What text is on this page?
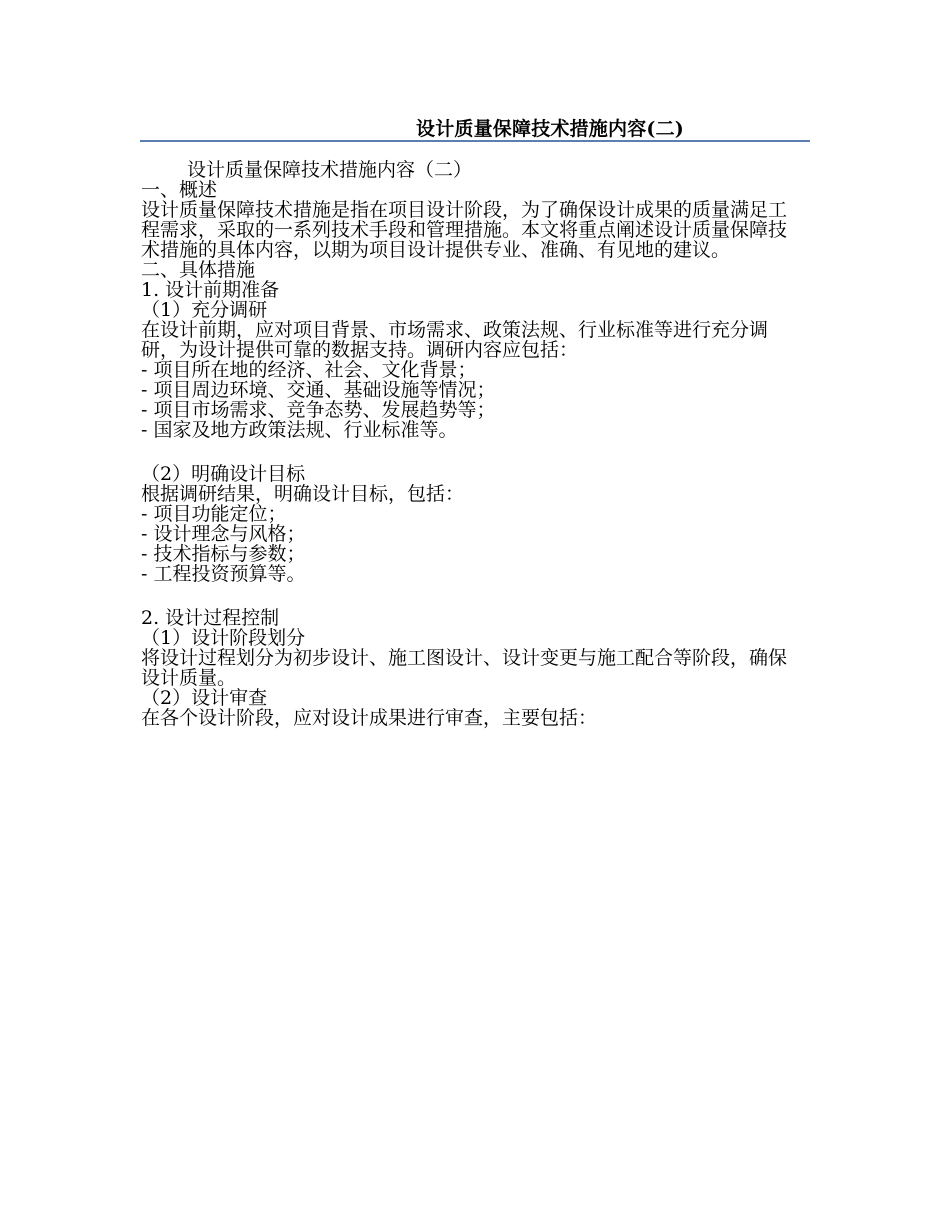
设计质量保障技术措施内容(二)

设计质量保障技术措施内容（二）

一、概述

设计质量保障技术措施是指在项目设计阶段，为了确保设计成果的质量满足工程需求，采取的一系列技术手段和管理措施。本文将重点阐述设计质量保障技术措施的具体内容，以期为项目设计提供专业、准确、有见地的建议。

二、具体措施

1. 设计前期准备

（1）充分调研

在设计前期，应对项目背景、市场需求、政策法规、行业标准等进行充分调研，为设计提供可靠的数据支持。调研内容应包括：

- 项目所在地的经济、社会、文化背景；

- 项目周边环境、交通、基础设施等情况；

- 项目市场需求、竞争态势、发展趋势等；

- 国家及地方政策法规、行业标准等。

（2）明确设计目标

根据调研结果，明确设计目标，包括：

- 项目功能定位；

- 设计理念与风格；

- 技术指标与参数；

- 工程投资预算等。

2. 设计过程控制

（1）设计阶段划分

将设计过程划分为初步设计、施工图设计、设计变更与施工配合等阶段，确保设计质量。

（2）设计审查

在各个设计阶段，应对设计成果进行审查，主要包括：
